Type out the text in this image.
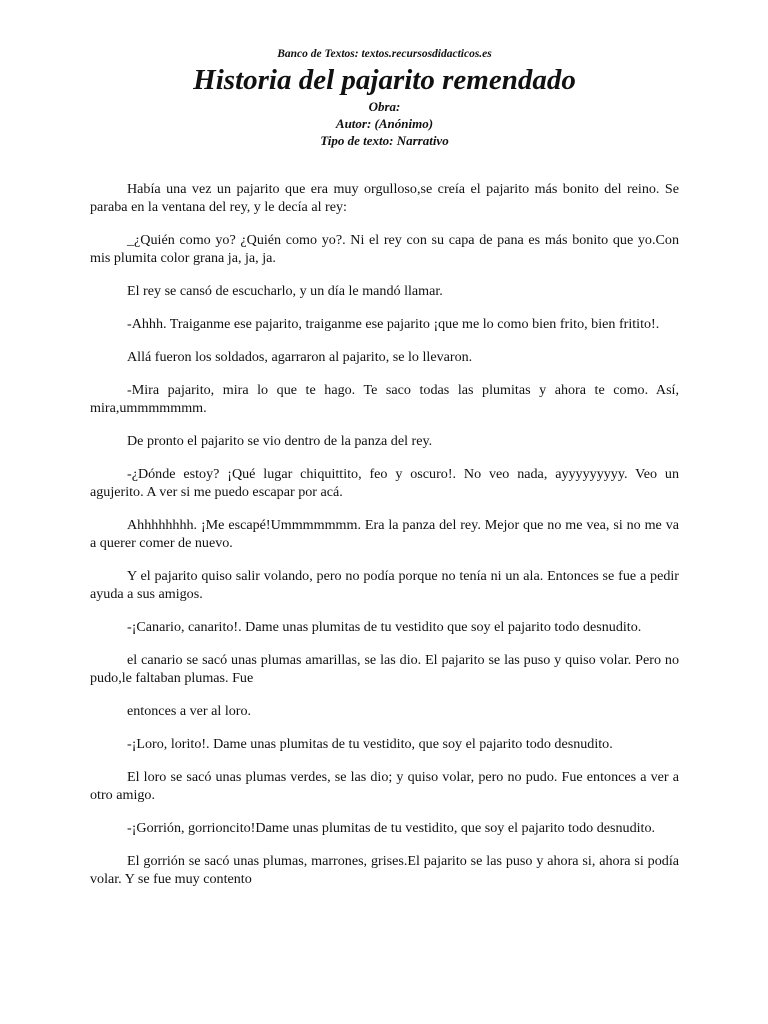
Banco de Textos: textos.recursosdidacticos.es
Historia del pajarito remendado
Obra:
Autor: (Anónimo)
Tipo de texto: Narrativo

Había una vez un pajarito que era muy orgulloso,se creía el pajarito más bonito del reino. Se paraba en la ventana del rey, y le decía al rey:

_¿Quién como yo? ¿Quién como yo?. Ni el rey con su capa de pana es más bonito que yo.Con mis plumita color grana ja, ja, ja.

El rey se cansó de escucharlo, y un día le mandó llamar.

-Ahhh. Traiganme ese pajarito, traiganme ese pajarito ¡que me lo como bien frito, bien fritito!.

Allá fueron los soldados, agarraron al pajarito, se lo llevaron.

-Mira pajarito, mira lo que te hago. Te saco todas las plumitas y ahora te como. Así, mira,ummmmmmm.

De pronto el pajarito se vio dentro de la panza del rey.

-¿Dónde estoy? ¡Qué lugar chiquittito, feo y oscuro!. No veo nada, ayyyyyyyyy. Veo un agujerito. A ver si me puedo escapar por acá.

Ahhhhhhhh. ¡Me escapé!Ummmmmmm. Era la panza del rey. Mejor que no me vea, si no me va a querer comer de nuevo.

Y el pajarito quiso salir volando, pero no podía porque no tenía ni un ala. Entonces se fue a pedir ayuda a sus amigos.

-¡Canario, canarito!. Dame unas plumitas de tu vestidito que soy el pajarito todo desnudito.

el canario se sacó unas plumas amarillas, se las dio. El pajarito se las puso y quiso volar. Pero no pudo,le faltaban plumas. Fue

entonces a ver al loro.

-¡Loro, lorito!. Dame unas plumitas de tu vestidito, que soy el pajarito todo desnudito.

El loro se sacó unas plumas verdes, se las dio; y quiso volar, pero no pudo. Fue entonces a ver a otro amigo.

-¡Gorrión, gorrioncito!Dame unas plumitas de tu vestidito, que soy el pajarito todo desnudito.

El gorrión se sacó unas plumas, marrones, grises.El pajarito se las puso y ahora si, ahora si podía volar. Y se fue muy contento
